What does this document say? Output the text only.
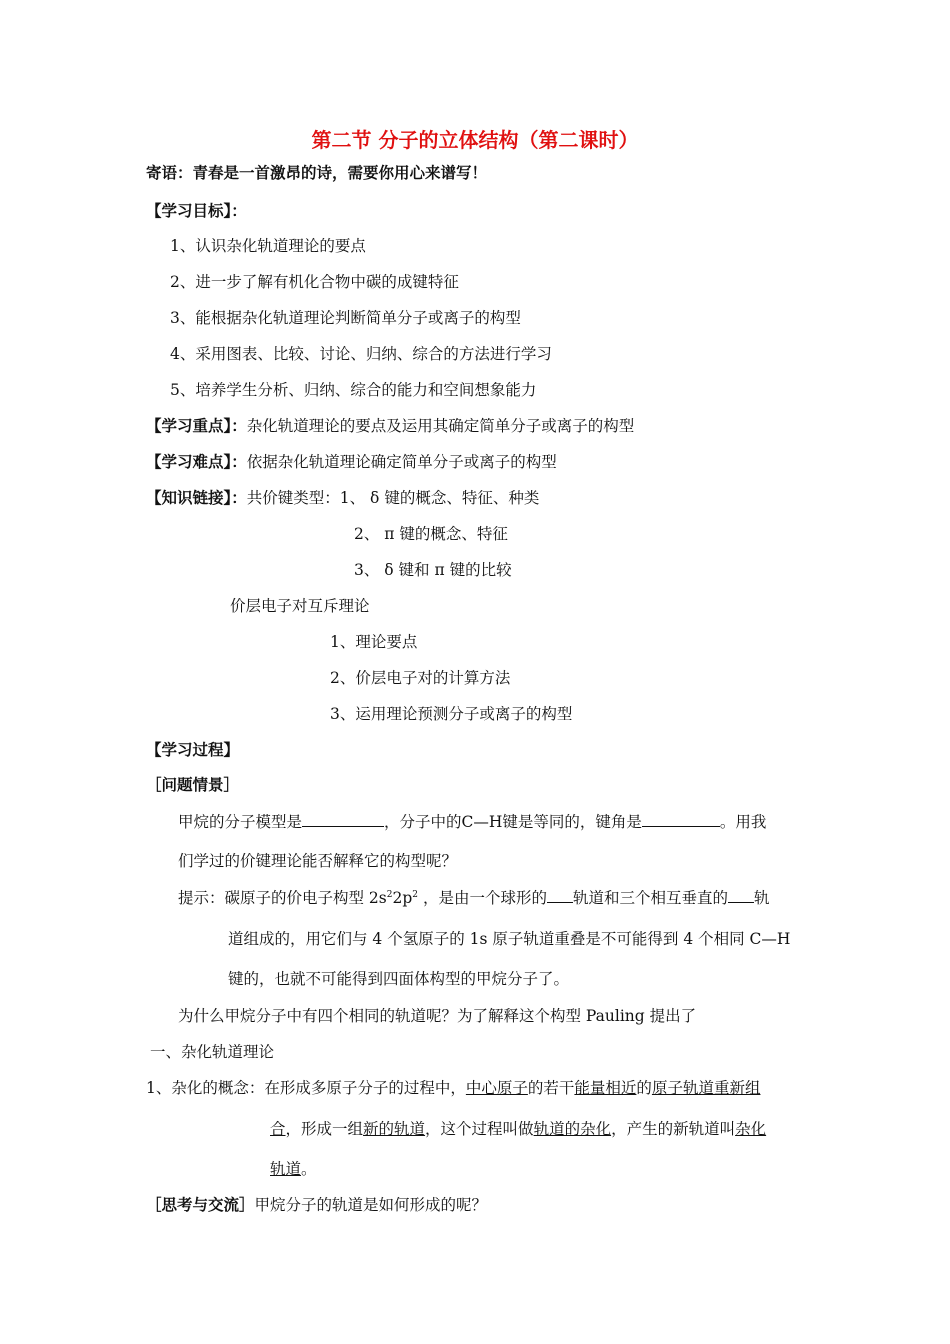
第二节 分子的立体结构（第二课时）
寄语：青春是一首激昂的诗，需要你用心来谱写！
【学习目标】：
1、认识杂化轨道理论的要点
2、进一步了解有机化合物中碳的成键特征
3、能根据杂化轨道理论判断简单分子或离子的构型
4、采用图表、比较、讨论、归纳、综合的方法进行学习
5、培养学生分析、归纳、综合的能力和空间想象能力
【学习重点】：杂化轨道理论的要点及运用其确定简单分子或离子的构型
【学习难点】：依据杂化轨道理论确定简单分子或离子的构型
【知识链接】：共价键类型：1、 δ 键的概念、特征、种类
2、 π 键的概念、特征
3、 δ 键和 π 键的比较
价层电子对互斥理论
1、理论要点
2、价层电子对的计算方法
3、运用理论预测分子或离子的构型
【学习过程】
［问题情景］
甲烷的分子模型是	，分子中的C—H键是等同的，键角是	。用我
们学过的价键理论能否解释它的构型呢？
提示：碳原子的价电子构型 $2s^22p^2$ ，是由一个球形的 轨道和三个相互垂直的 轨
道组成的，用它们与 4 个氢原子的 1s 原子轨道重叠是不可能得到 4 个相同 C—H
键的，也就不可能得到四面体构型的甲烷分子了。
为什么甲烷分子中有四个相同的轨道呢？为了解释这个构型 Pauling 提出了
一、杂化轨道理论
1、杂化的概念：在形成多原子分子的过程中，中心原子的若干能量相近的原子轨道重新组
合，形成一组新的轨道，这个过程叫做轨道的杂化，产生的新轨道叫杂化
轨道。
［思考与交流］甲烷分子的轨道是如何形成的呢？
